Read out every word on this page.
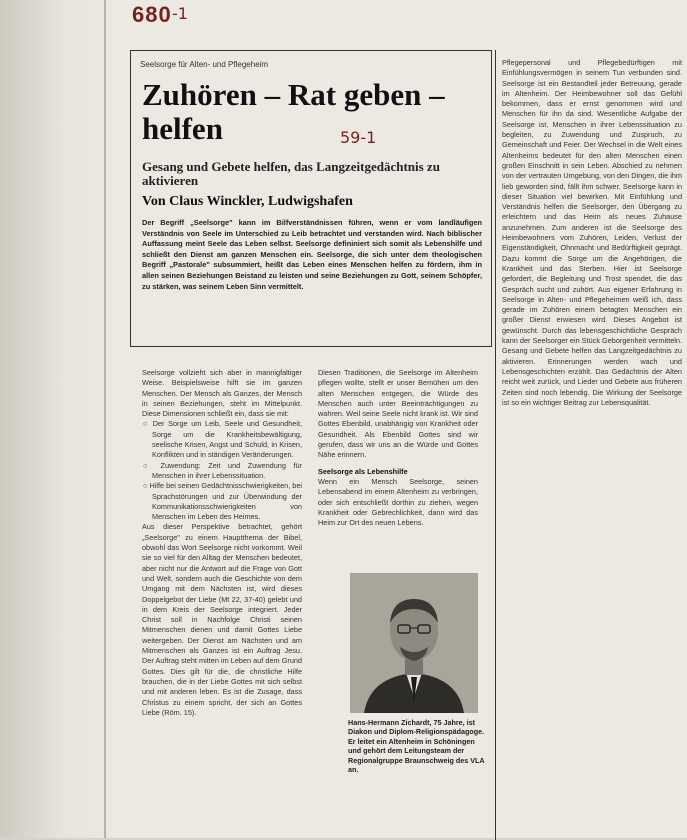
680 -1
Seelsorge für Alten- und Pflegeheim
Zuhören – Rat geben – helfen	59-1
Gesang und Gebete helfen, das Langzeitgedächtnis zu aktivieren
Von Claus Winckler, Ludwigshafen

Der Begriff „Seelsorge" kann im Bilfverständnissen führen, wenn er vom landläufigen Verständnis von Seele im Unterschied zu Leib betrachtet und verstanden wird. Nach biblischer Auffassung meint Seele das Leben selbst. Seelsorge defininiert sich somit als Lebenshilfe und schließt den Dienst am ganzen Menschen ein. Seelsorge, die sich unter dem theologischen Begriff „Pastorale" subsummiert, heißt das Leben eines Menschen helfen zu fördern, ihm in allen seinen Beziehungen Beistand zu leisten und seine Beziehungen zu Gott, seinem Schöpfer, zu stärken, was seinem Leben Sinn vermittelt.

Seelsorge vollzieht sich aber in mannigfaltiger Weise. Beispielsweise hilft sie im ganzen Menschen. Der Mensch als Ganzes, der Mensch in seinen Beziehungen, steht im Mittelpunkt. Diese Dimensionen schließt ein, dass sie mit:

○ Der Sorge um Leib, Seele und Gesundheit, Sorge um die Krankheitsbewältigung, seelische Krisen, Angst und Schuld, in Krisen, Konflikten und in ständigen Veränderungen.
○ Zuwendung: Zeit und Zuwendung für Menschen in ihrer Lebenssituation.
○ Hilfe bei seinen Gedächtnisschwierigkeiten, bei Sprachstörungen und zur Überwindung der Kommunikationsschwierigkeiten von Menschen im Leben des Heimes.

Aus dieser Perspektive betrachtet, gehört „Seelsorge" zu einem Hauptthema der Bibel, obwohl das Wort Seelsorge nicht vorkommt. Weil sie so viel für den Alltag der Menschen bedeutet, aber nicht nur die Antwort auf die Frage von Gott und Welt, sondern auch die Geschichte von dem Umgang mit dem Nächsten ist, wird dieses Doppelgebot der Liebe (Mt 22, 37-40) gelebt und in dem Kreis der Seelsorge integriert. Jeder Christ soll in Nachfolge Christi seinen Mitmenschen dienen und damit Gottes Liebe weitergeben. Der Dienst am Nächsten und am Mitmenschen als Ganzes ist ein Auftrag Jesu. Der Auftrag steht mitten im Leben auf dem Grund Gottes. Dies gilt für die, die christliche Hilfe brauchen, die in der Liebe Gottes mit sich selbst und mit anderen leben. Es ist die Zusage, dass Christus zu einem spricht, der sich an Gottes Liebe (Röm. 15).

Diesen Traditionen, die Seelsorge im Altenheim pflegen wollte, stellt er unser Bemühen um den alten Menschen entgegen, die Würde des Menschen auch unter Beeinträchtigungen zu wahren. Weil seine Seele nicht krank ist. Wir sind Gottes Ebenbild, unabhängig von Krankheit oder Gesundheit. Als Ebenbild Gottes sind wir gerufen, dass wir uns an die Würde und Gottes Nähe erinnern.

Seelsorge als Lebenshilfe

Wenn ein Mensch Seelsorge, seinen Lebensabend im einem Altenheim zu verbringen, oder sich entschließt dorthin zu ziehen, wegen Krankheit oder Gebrechlichkeit, dann wird das Heim zur Ort des neuen Lebens.

Hans-Hermann Zichardt, 75 Jahre, ist Diakon und Diplom-Religionspädagoge. Er leitet ein Altenheim in Schöningen und gehört dem Leitungsteam der Regionalgruppe Braunschweig des VLA an.

Pflegepersonal und Pflegebedürftigen mit Einfühlungsvermögen in seinem Tun verbunden sind. Seelsorge ist ein Bestandteil jeder Betreuung, gerade im Altenheim. Der Heimbewohner soll das Gefühl bekommen, dass er ernst genommen wird und Menschen für ihn da sind. Wesentliche Aufgabe der Seelsorge ist, Menschen in ihrer Lebenssituation zu begleiten, zu Zuwendung und Zuspruch, zu Gemeinschaft und Feier. Der Wechsel in die Welt eines Altenheims bedeutet für den alten Menschen einen großen Einschnitt in sein Leben. Abschied zu nehmen von der vertrauten Umgebung, von den Dingen, die ihm lieb geworden sind, fällt ihm schwer. Seelsorge kann in dieser Situation viel bewirken. Mit Einfühlung und Verständnis helfen die Seelsorger, den Übergang zu erleichtern und das Heim als neues Zuhause anzunehmen. Zum anderen ist die Seelsorge des Heimbewohners vom Zuhören, Leiden, Verlust der Eigenständigkeit, Ohnmacht und Bedürftigkeit geprägt. Dazu kommt die Sorge um die Angehörigen, die Krankheit und das Sterben. Hier ist Seelsorge gefordert, die Begleitung und Trost spendet, die das Gespräch sucht und zuhört. Aus eigener Erfahrung in Seelsorge in Alten- und Pflegeheimen weiß ich, dass gerade im Zuhören einem betagten Menschen ein großer Dienst erwiesen wird. Dieses Angebot ist gewünscht. Durch das lebensgeschichtliche Gespräch kann der Seelsorger ein Stück Geborgenheit vermitteln. Gesang und Gebete helfen das Langzeitgedächtnis zu aktivieren. Erinnerungen werden wach und Lebensgeschichten erzählt. Das Gedächtnis der Alten reicht weit zurück, und Lieder und Gebete aus früheren Zeiten sind noch lebendig. Die Wirkung der Seelsorge ist so ein wichtiger Beitrag zur Lebensqualität.
